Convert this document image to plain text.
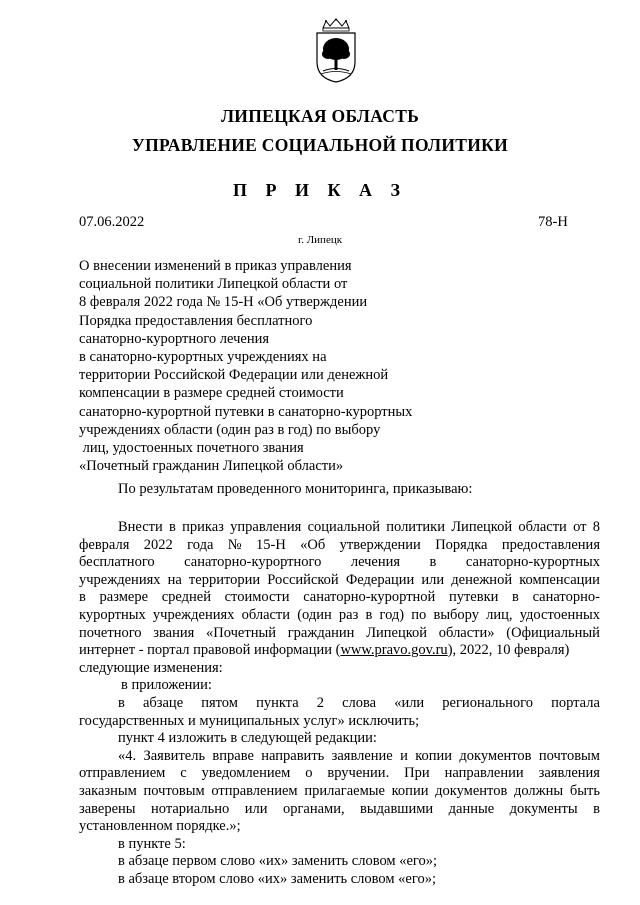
ЛИПЕЦКАЯ ОБЛАСТЬ
УПРАВЛЕНИЕ СОЦИАЛЬНОЙ ПОЛИТИКИ
П Р И К А З
07.06.2022	78-Н
г. Липецк
О внесении изменений в приказ управления
социальной политики Липецкой области от
8 февраля 2022 года № 15-Н «Об утверждении
Порядка предоставления бесплатного
санаторно-курортного лечения
в санаторно-курортных учреждениях на
территории Российской Федерации или денежной
компенсации в размере средней стоимости
санаторно-курортной путевки в санаторно-курортных
учреждениях области (один раз в год) по выбору
лиц, удостоенных почетного звания
«Почетный гражданин Липецкой области»
По результатам проведенного мониторинга, приказываю:
Внести в приказ управления социальной политики Липецкой области от 8
февраля 2022 года № 15-Н «Об утверждении Порядка предоставления
бесплатного санаторно-курортного лечения в санаторно-курортных
учреждениях на территории Российской Федерации или денежной компенсации
в размере средней стоимости санаторно-курортной путевки в санаторно-
курортных учреждениях области (один раз в год) по выбору лиц, удостоенных
почетного звания «Почетный гражданин Липецкой области» (Официальный
интернет - портал правовой информации (www.pravo.gov.ru), 2022, 10 февраля)
следующие изменения:
в приложении:
в абзаце пятом пункта 2 слова «или регионального портала
государственных и муниципальных услуг» исключить;
пункт 4 изложить в следующей редакции:
«4. Заявитель вправе направить заявление и копии документов почтовым
отправлением с уведомлением о вручении. При направлении заявления
заказным почтовым отправлением прилагаемые копии документов должны быть
заверены нотариально или органами, выдавшими данные документы в
установленном порядке.»;
в пункте 5:
в абзаце первом слово «их» заменить словом «его»;
в абзаце втором слово «их» заменить словом «его»;
